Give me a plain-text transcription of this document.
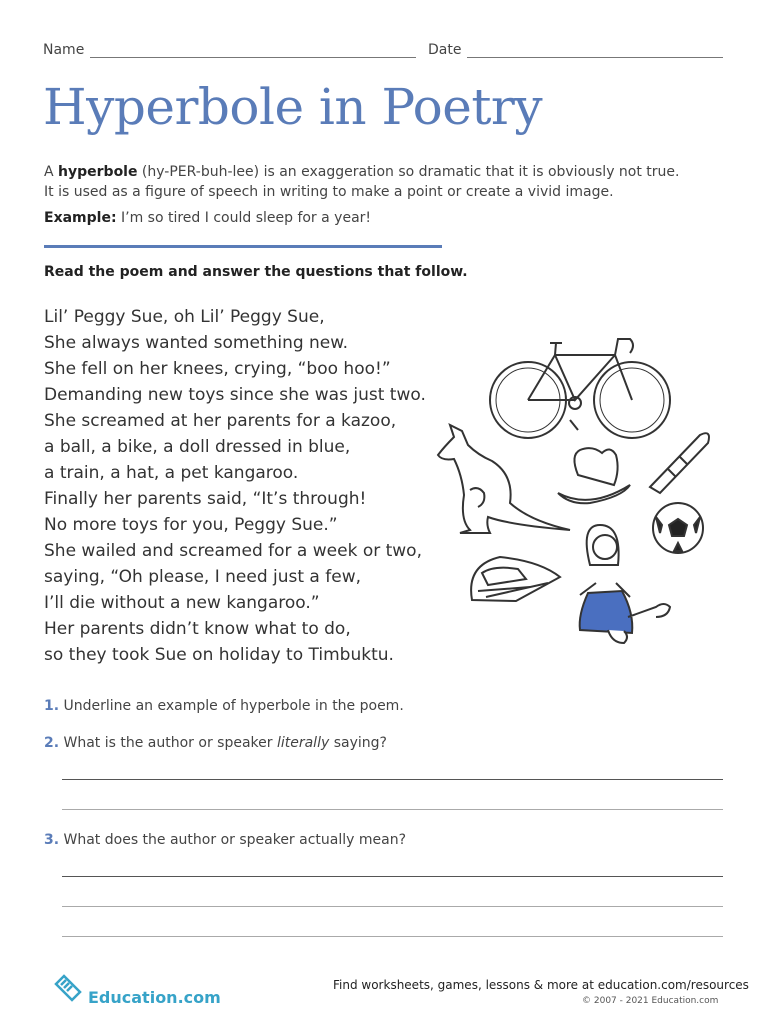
Name	Date
Hyperbole in Poetry
A hyperbole (hy-PER-buh-lee) is an exaggeration so dramatic that it is obviously not true.
It is used as a figure of speech in writing to make a point or create a vivid image.
Example: I’m so tired I could sleep for a year!
Read the poem and answer the questions that follow.
Lil’ Peggy Sue, oh Lil’ Peggy Sue,
She always wanted something new.
She fell on her knees, crying, “boo hoo!”
Demanding new toys since she was just two.
She screamed at her parents for a kazoo,
a ball, a bike, a doll dressed in blue,
a train, a hat, a pet kangaroo.
Finally her parents said, “It’s through!
No more toys for you, Peggy Sue.”
She wailed and screamed for a week or two,
saying, “Oh please, I need just a few,
I’ll die without a new kangaroo.”
Her parents didn’t know what to do,
so they took Sue on holiday to Timbuktu.
1. Underline an example of hyperbole in the poem.
2. What is the author or speaker literally saying?
3. What does the author or speaker actually mean?
Education.com
Find worksheets, games, lessons & more at education.com/resources
© 2007 - 2021 Education.com
